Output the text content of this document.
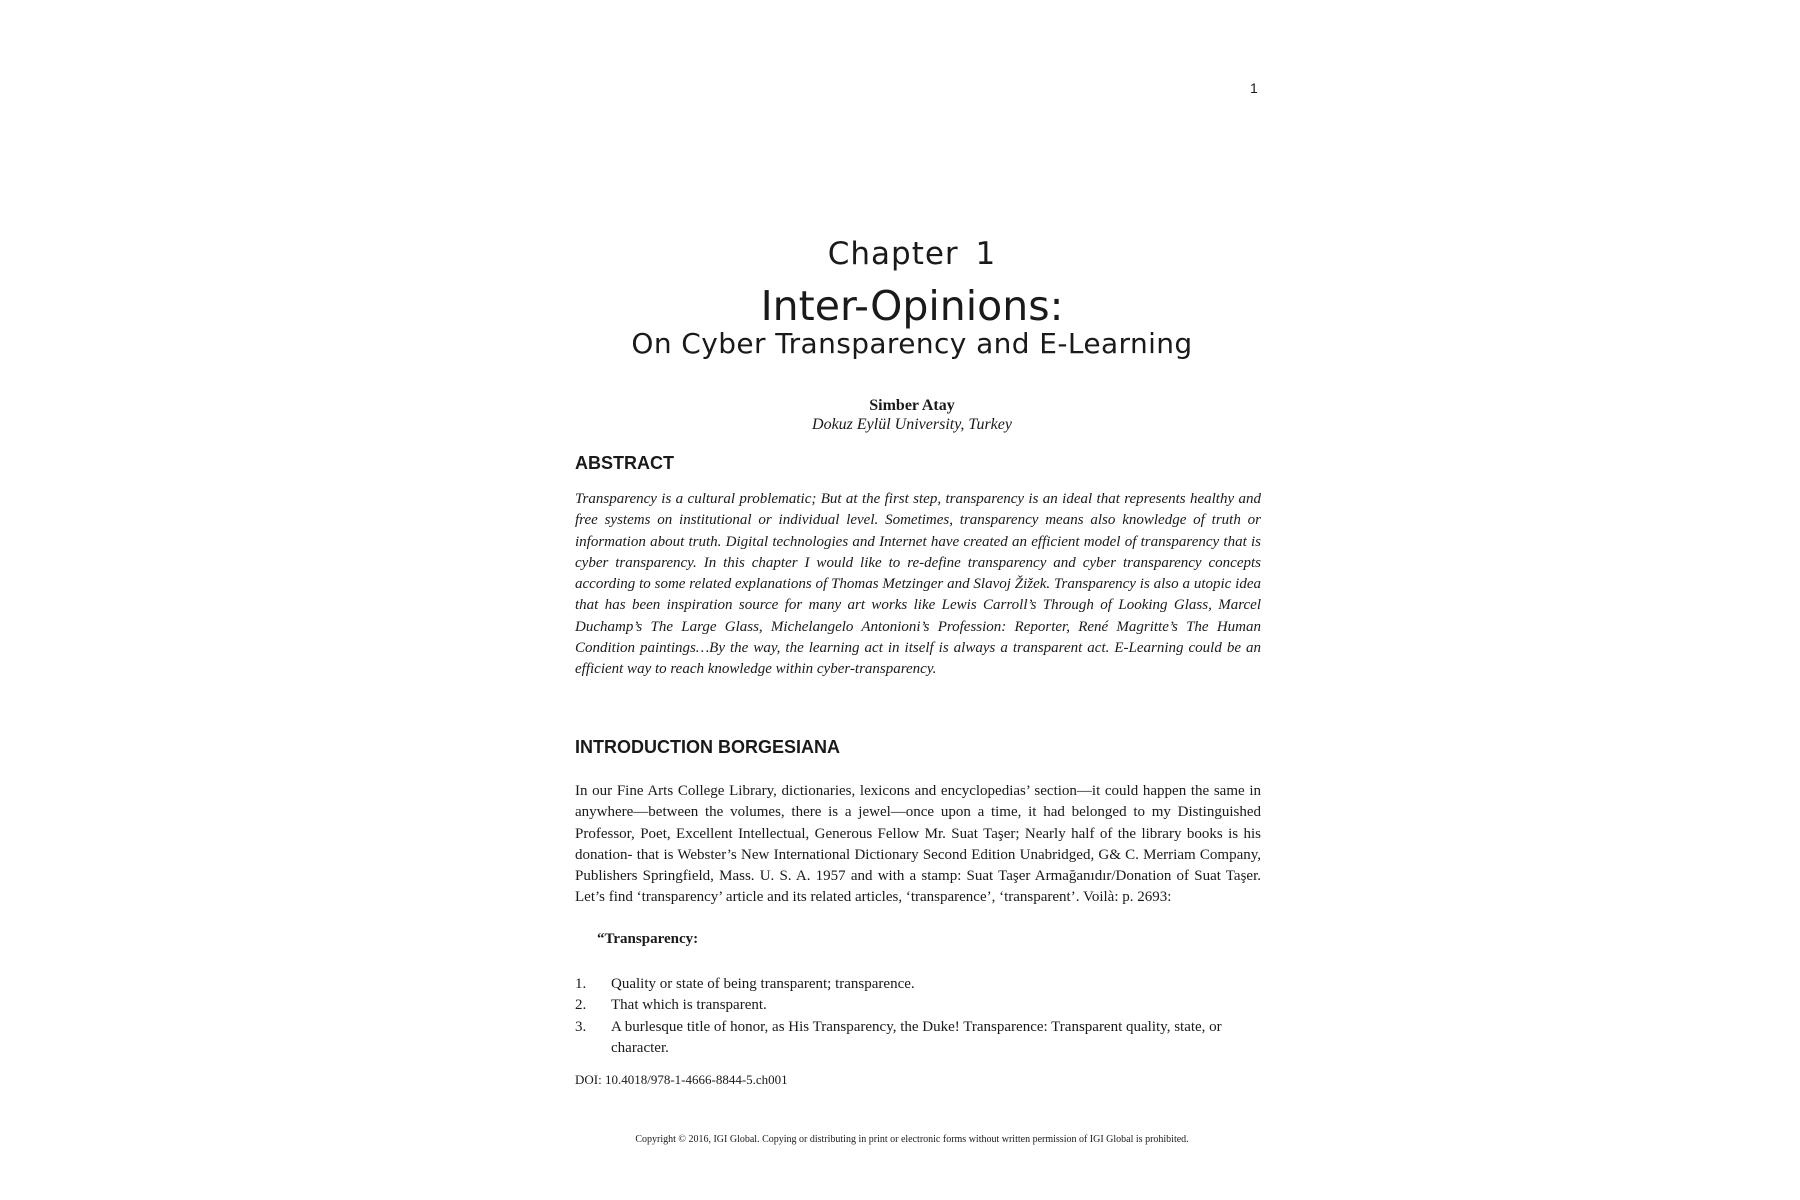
1
Chapter 1
Inter-Opinions:
On Cyber Transparency and E-Learning
Simber Atay
Dokuz Eylül University, Turkey
ABSTRACT
Transparency is a cultural problematic; But at the first step, transparency is an ideal that represents healthy and free systems on institutional or individual level. Sometimes, transparency means also knowledge of truth or information about truth. Digital technologies and Internet have created an efficient model of transparency that is cyber transparency. In this chapter I would like to re-define transparency and cyber transparency concepts according to some related explanations of Thomas Metzinger and Slavoj Žižek. Transparency is also a utopic idea that has been inspiration source for many art works like Lewis Carroll’s Through of Looking Glass, Marcel Duchamp’s The Large Glass, Michelangelo Antonioni’s Profession: Reporter, René Magritte’s The Human Condition paintings…By the way, the learning act in itself is always a transparent act. E-Learning could be an efficient way to reach knowledge within cyber-transparency.
INTRODUCTION BORGESIANA
In our Fine Arts College Library, dictionaries, lexicons and encyclopedias’ section—it could happen the same in anywhere—between the volumes, there is a jewel—once upon a time, it had belonged to my Distinguished Professor, Poet, Excellent Intellectual, Generous Fellow Mr. Suat Taşer; Nearly half of the library books is his donation- that is Webster’s New International Dictionary Second Edition Unabridged, G& C. Merriam Company, Publishers Springfield, Mass. U. S. A. 1957 and with a stamp: Suat Taşer Armağanıdır/Donation of Suat Taşer. Let’s find ‘transparency’ article and its related articles, ‘transparence’, ‘transparent’. Voilà: p. 2693:
“Transparency:
1. Quality or state of being transparent; transparence.
2. That which is transparent.
3. A burlesque title of honor, as His Transparency, the Duke! Transparence: Transparent quality, state, or character.
DOI: 10.4018/978-1-4666-8844-5.ch001
Copyright © 2016, IGI Global. Copying or distributing in print or electronic forms without written permission of IGI Global is prohibited.
